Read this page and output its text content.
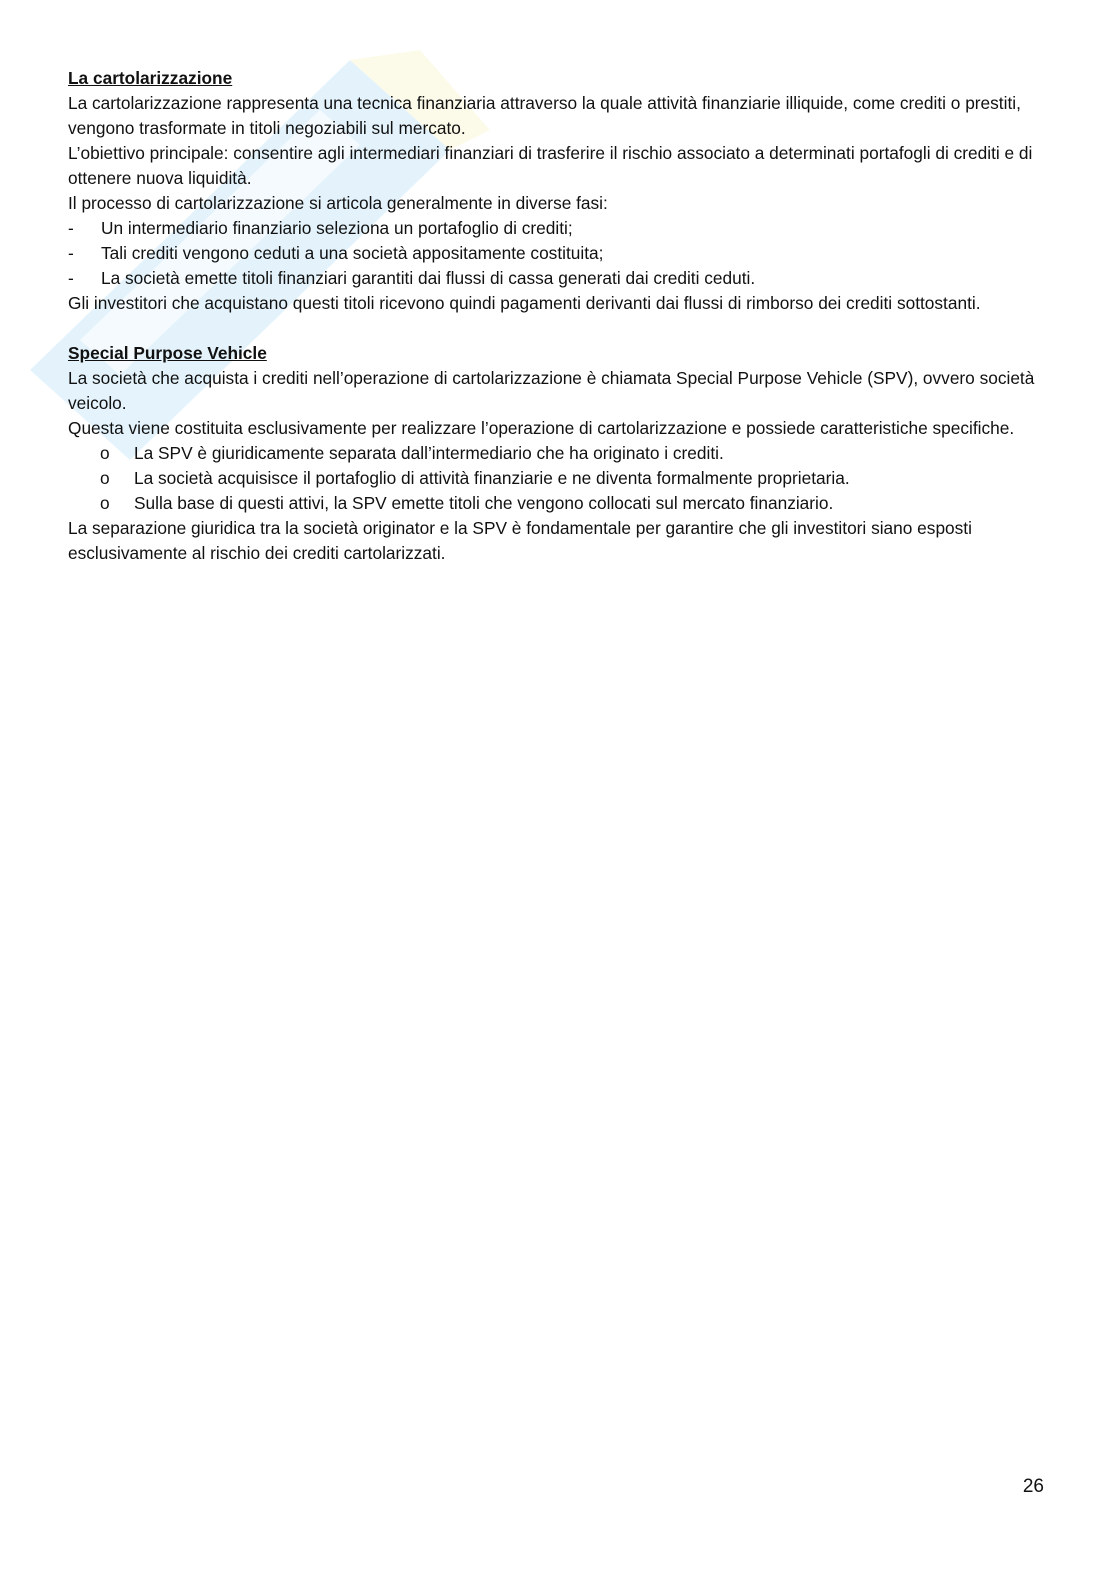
La cartolarizzazione

La cartolarizzazione rappresenta una tecnica finanziaria attraverso la quale attività finanziarie illiquide, come crediti o prestiti, vengono trasformate in titoli negoziabili sul mercato.

L’obiettivo principale: consentire agli intermediari finanziari di trasferire il rischio associato a determinati portafogli di crediti e di ottenere nuova liquidità.

Il processo di cartolarizzazione si articola generalmente in diverse fasi:

- Un intermediario finanziario seleziona un portafoglio di crediti;
- Tali crediti vengono ceduti a una società appositamente costituita;
- La società emette titoli finanziari garantiti dai flussi di cassa generati dai crediti ceduti.

Gli investitori che acquistano questi titoli ricevono quindi pagamenti derivanti dai flussi di rimborso dei crediti sottostanti.

Special Purpose Vehicle

La società che acquista i crediti nell’operazione di cartolarizzazione è chiamata Special Purpose Vehicle (SPV), ovvero società veicolo.

Questa viene costituita esclusivamente per realizzare l’operazione di cartolarizzazione e possiede caratteristiche specifiche.

o La SPV è giuridicamente separata dall’intermediario che ha originato i crediti.
o La società acquisisce il portafoglio di attività finanziarie e ne diventa formalmente proprietaria.
o Sulla base di questi attivi, la SPV emette titoli che vengono collocati sul mercato finanziario.

La separazione giuridica tra la società originator e la SPV è fondamentale per garantire che gli investitori siano esposti esclusivamente al rischio dei crediti cartolarizzati.

26
